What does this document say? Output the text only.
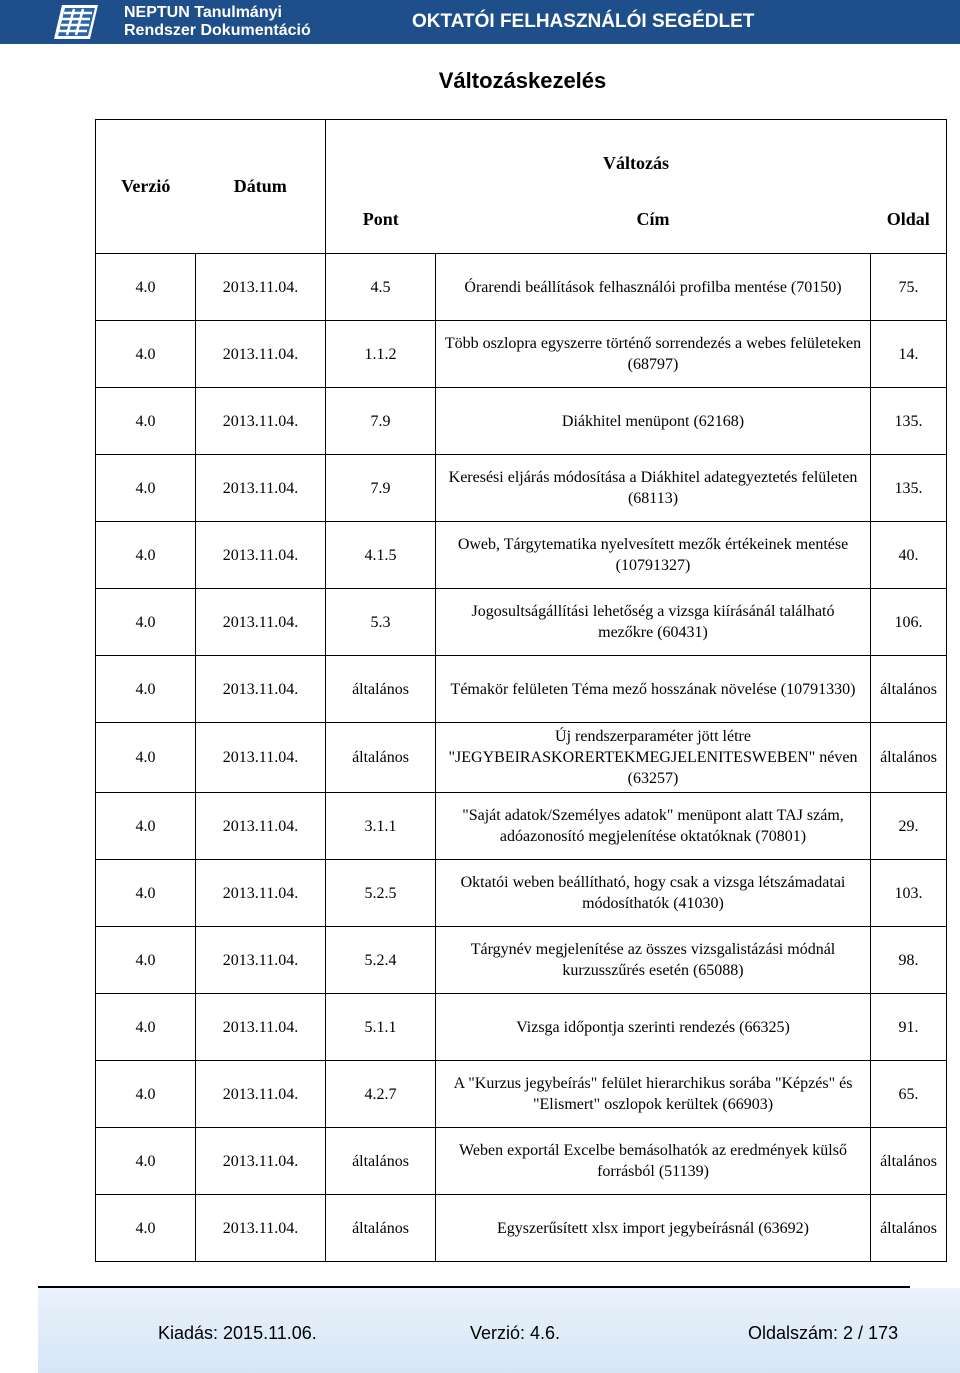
NEPTUN Tanulmányi
Rendszer Dokumentáció	OKTATÓI FELHASZNÁLÓI SEGÉDLET
Változáskezelés
Verzió	Dátum	Változás		
		Pont	Cím	Oldal
4.0	2013.11.04.	4.5	Órarendi beállítások felhasználói profilba mentése (70150)	75.
4.0	2013.11.04.	1.1.2	Több oszlopra egyszerre történő sorrendezés a webes felületeken (68797)	14.
4.0	2013.11.04.	7.9	Diákhitel menüpont (62168)	135.
4.0	2013.11.04.	7.9	Keresési eljárás módosítása a Diákhitel adategyeztetés felületen (68113)	135.
4.0	2013.11.04.	4.1.5	Oweb, Tárgytematika nyelvesített mezők értékeinek mentése (10791327)	40.
4.0	2013.11.04.	5.3	Jogosultságállítási lehetőség a vizsga kiírásánál található mezőkre (60431)	106.
4.0	2013.11.04.	általános	Témakör felületen Téma mező hosszának növelése (10791330)	általános
4.0	2013.11.04.	általános	Új rendszerparaméter jött létre "JEGYBEIRASKORERTEKMEGJELENITESWEBEN" néven (63257)	általános
4.0	2013.11.04.	3.1.1	"Saját adatok/Személyes adatok" menüpont alatt TAJ szám, adóazonosító megjelenítése oktatóknak (70801)	29.
4.0	2013.11.04.	5.2.5	Oktatói weben beállítható, hogy csak a vizsga létszámadatai módosíthatók (41030)	103.
4.0	2013.11.04.	5.2.4	Tárgynév megjelenítése az összes vizsgalistázási módnál kurzusszűrés esetén (65088)	98.
4.0	2013.11.04.	5.1.1	Vizsga időpontja szerinti rendezés (66325)	91.
4.0	2013.11.04.	4.2.7	A "Kurzus jegybeírás" felület hierarchikus sorába "Képzés" és "Elismert" oszlopok kerültek (66903)	65.
4.0	2013.11.04.	általános	Weben exportál Excelbe bemásolhatók az eredmények külső forrásból (51139)	általános
4.0	2013.11.04.	általános	Egyszerűsített xlsx import jegybeírásnál (63692)	általános
Kiadás: 2015.11.06.	Verzió: 4.6.	Oldalszám: 2 / 173
